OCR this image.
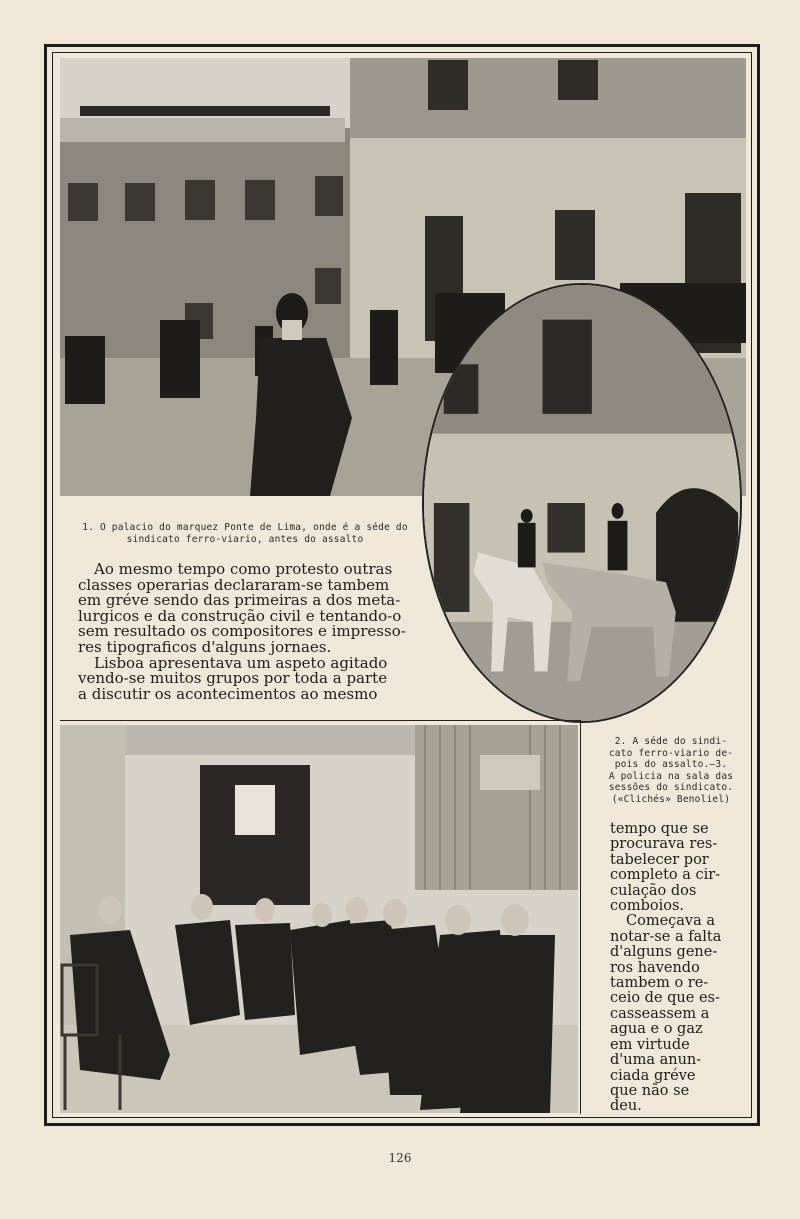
1. O palacio do marquez Ponte de Lima, onde é a séde do
sindicato ferro-viario, antes do assalto

Ao mesmo tempo como protesto outras

classes operarias declararam-se tambem

em gréve sendo das primeiras a dos meta-

lurgicos e da construção civil e tentando-o

sem resultado os compositores e impresso-

res tipograficos d'alguns jornaes.

Lisboa apresentava um aspeto agitado

vendo-se muitos grupos por toda a parte

a discutir os acontecimentos ao mesmo

2. A séde do sindi-
cato ferro-viario de-
pois do assalto.—3.
A policia na sala das
sessões do sindicato.
(«Clichés» Benoliel)

tempo que se

procurava res-

tabelecer por

completo a cir-

culação dos

comboios.

Começava a

notar-se a falta

d'alguns gene-

ros havendo

tambem o re-

ceio de que es-

casseassem a

agua e o gaz

em virtude

d'uma anun-

ciada gréve

que não se

deu.

126
